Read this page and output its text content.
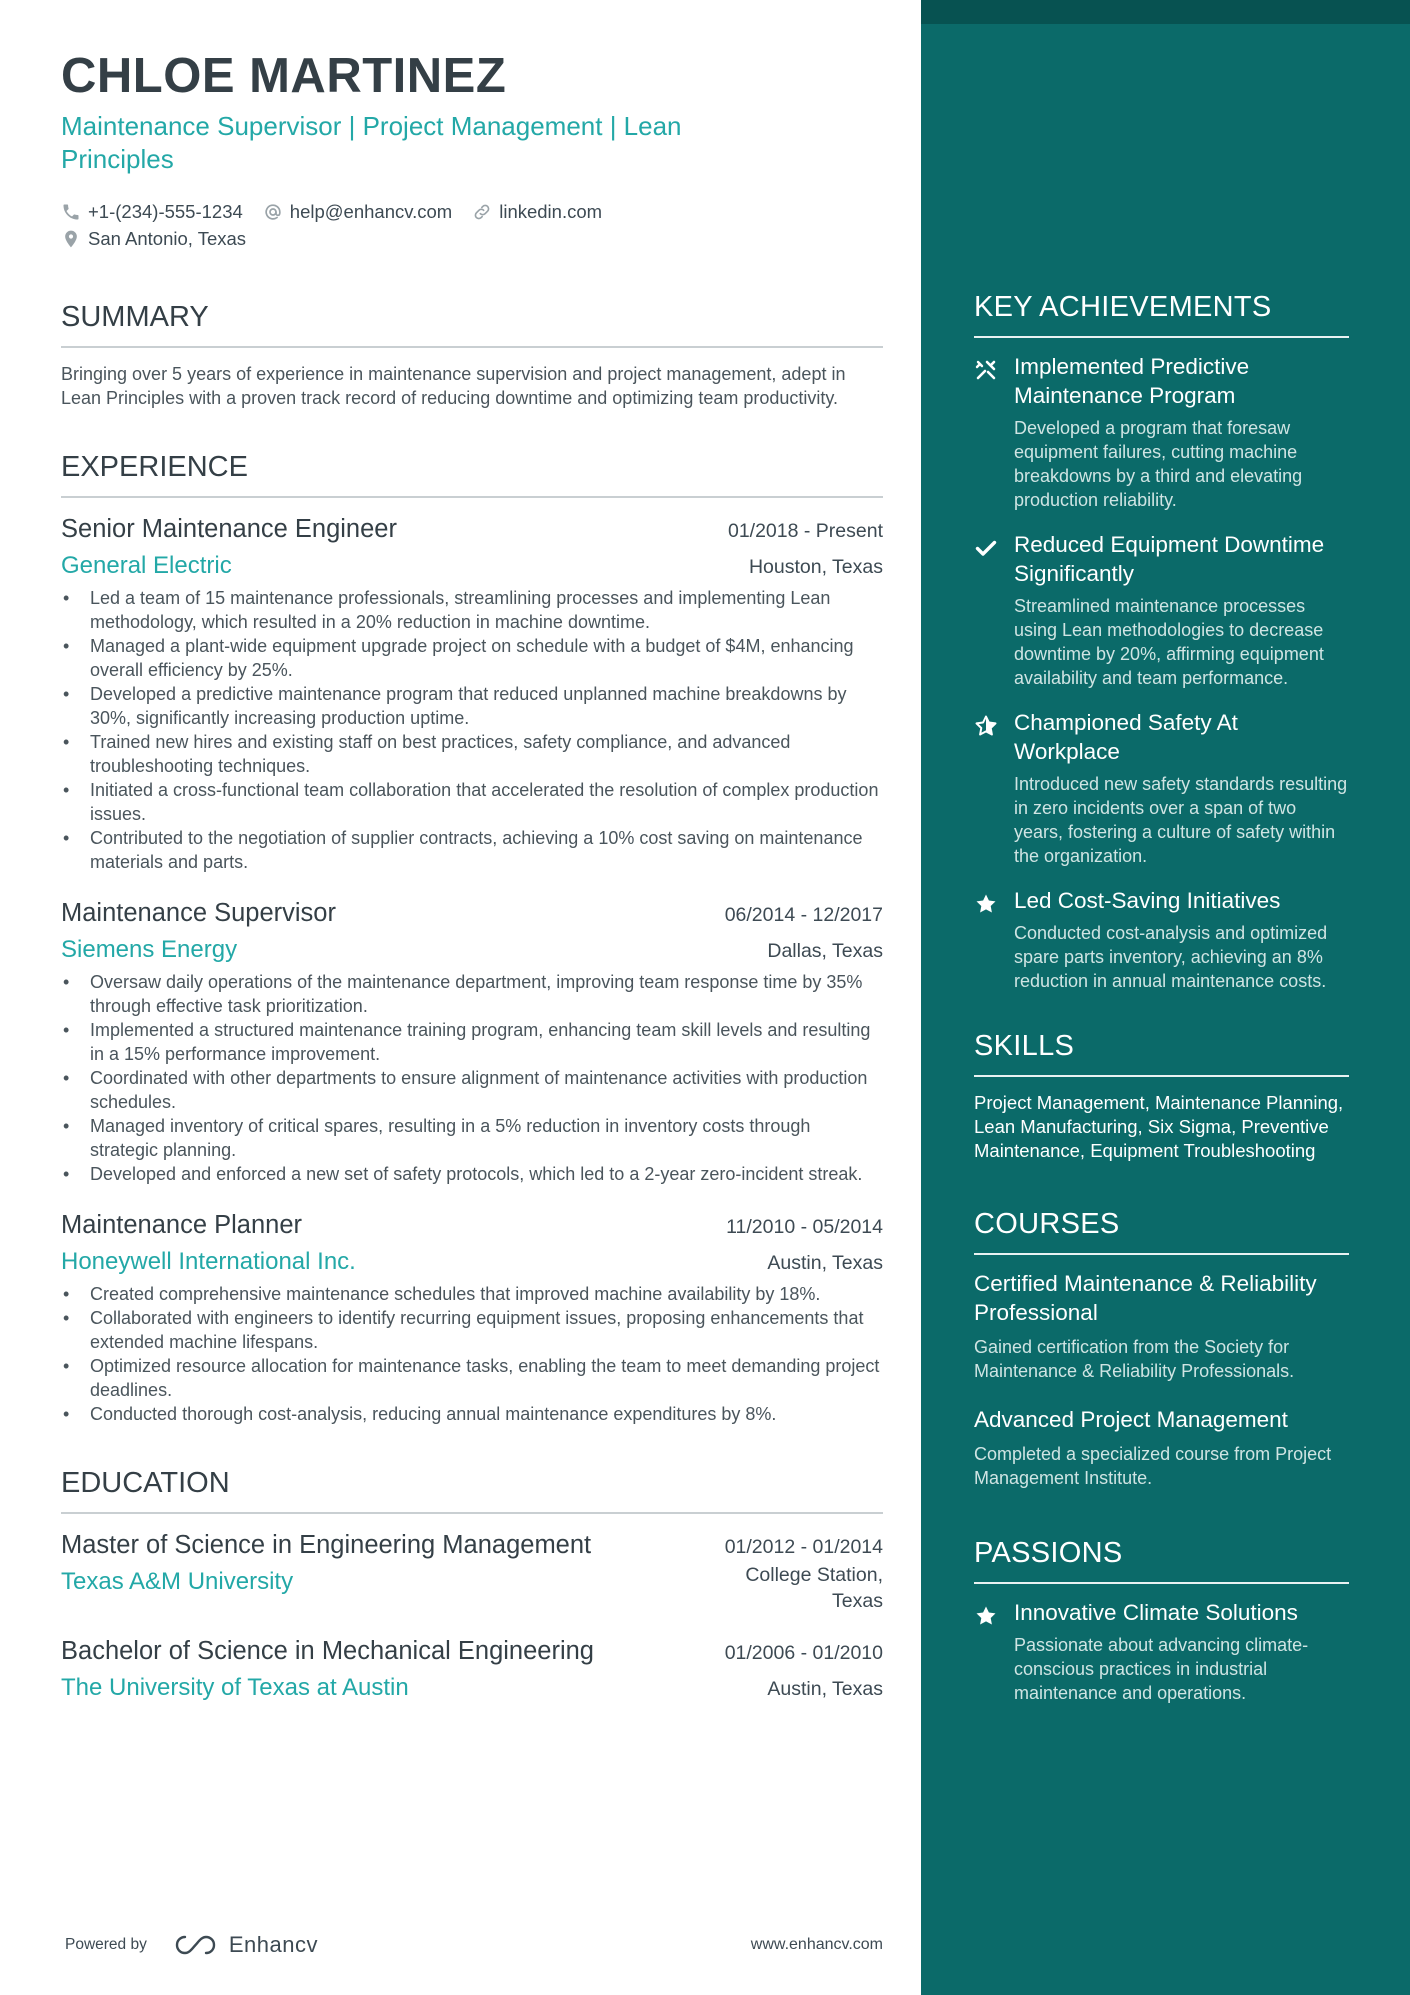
CHLOE MARTINEZ
Maintenance Supervisor | Project Management | Lean Principles
+1-(234)-555-1234	help@enhancv.com	linkedin.com
San Antonio, Texas
SUMMARY
Bringing over 5 years of experience in maintenance supervision and project management, adept in Lean Principles with a proven track record of reducing downtime and optimizing team productivity.
EXPERIENCE
Senior Maintenance Engineer	01/2018 - Present
General Electric	Houston, Texas
• Led a team of 15 maintenance professionals, streamlining processes and implementing Lean methodology, which resulted in a 20% reduction in machine downtime.
• Managed a plant-wide equipment upgrade project on schedule with a budget of $4M, enhancing overall efficiency by 25%.
• Developed a predictive maintenance program that reduced unplanned machine breakdowns by 30%, significantly increasing production uptime.
• Trained new hires and existing staff on best practices, safety compliance, and advanced troubleshooting techniques.
• Initiated a cross-functional team collaboration that accelerated the resolution of complex production issues.
• Contributed to the negotiation of supplier contracts, achieving a 10% cost saving on maintenance materials and parts.
Maintenance Supervisor	06/2014 - 12/2017
Siemens Energy	Dallas, Texas
• Oversaw daily operations of the maintenance department, improving team response time by 35% through effective task prioritization.
• Implemented a structured maintenance training program, enhancing team skill levels and resulting in a 15% performance improvement.
• Coordinated with other departments to ensure alignment of maintenance activities with production schedules.
• Managed inventory of critical spares, resulting in a 5% reduction in inventory costs through strategic planning.
• Developed and enforced a new set of safety protocols, which led to a 2-year zero-incident streak.
Maintenance Planner	11/2010 - 05/2014
Honeywell International Inc.	Austin, Texas
• Created comprehensive maintenance schedules that improved machine availability by 18%.
• Collaborated with engineers to identify recurring equipment issues, proposing enhancements that extended machine lifespans.
• Optimized resource allocation for maintenance tasks, enabling the team to meet demanding project deadlines.
• Conducted thorough cost-analysis, reducing annual maintenance expenditures by 8%.
EDUCATION
Master of Science in Engineering Management	01/2012 - 01/2014
Texas A&M University	College Station, Texas
Bachelor of Science in Mechanical Engineering	01/2006 - 01/2010
The University of Texas at Austin	Austin, Texas
Powered by	Enhancv	www.enhancv.com
KEY ACHIEVEMENTS
Implemented Predictive Maintenance Program
Developed a program that foresaw equipment failures, cutting machine breakdowns by a third and elevating production reliability.
Reduced Equipment Downtime Significantly
Streamlined maintenance processes using Lean methodologies to decrease downtime by 20%, affirming equipment availability and team performance.
Championed Safety At Workplace
Introduced new safety standards resulting in zero incidents over a span of two years, fostering a culture of safety within the organization.
Led Cost-Saving Initiatives
Conducted cost-analysis and optimized spare parts inventory, achieving an 8% reduction in annual maintenance costs.
SKILLS
Project Management, Maintenance Planning, Lean Manufacturing, Six Sigma, Preventive Maintenance, Equipment Troubleshooting
COURSES
Certified Maintenance & Reliability Professional
Gained certification from the Society for Maintenance & Reliability Professionals.
Advanced Project Management
Completed a specialized course from Project Management Institute.
PASSIONS
Innovative Climate Solutions
Passionate about advancing climate-conscious practices in industrial maintenance and operations.
